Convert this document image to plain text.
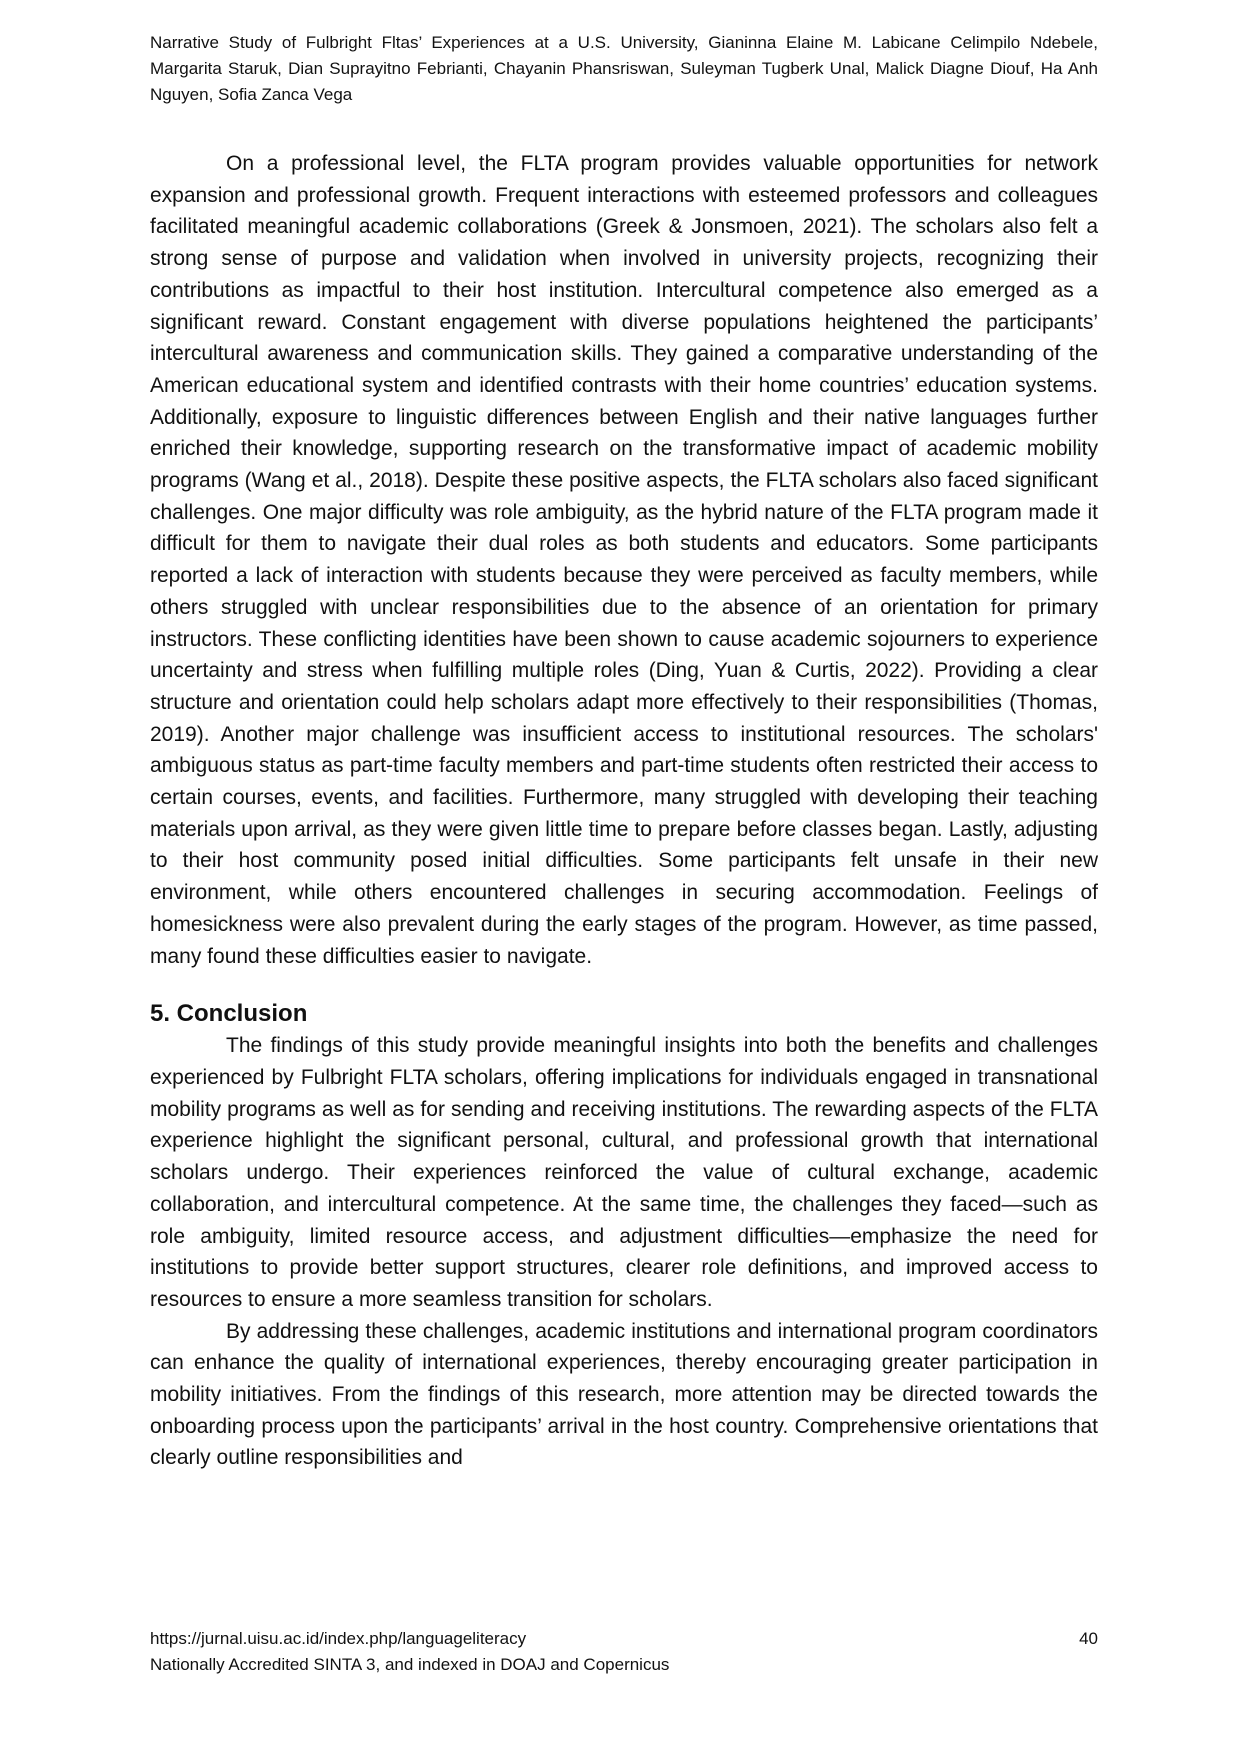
Narrative Study of Fulbright Fltas’ Experiences at a U.S. University, Gianinna Elaine M. Labicane Celimpilo Ndebele, Margarita Staruk, Dian Suprayitno Febrianti, Chayanin Phansriswan, Suleyman Tugberk Unal, Malick Diagne Diouf, Ha Anh Nguyen, Sofia Zanca Vega

On a professional level, the FLTA program provides valuable opportunities for network expansion and professional growth. Frequent interactions with esteemed professors and colleagues facilitated meaningful academic collaborations (Greek & Jonsmoen, 2021). The scholars also felt a strong sense of purpose and validation when involved in university projects, recognizing their contributions as impactful to their host institution. Intercultural competence also emerged as a significant reward. Constant engagement with diverse populations heightened the participants’ intercultural awareness and communication skills. They gained a comparative understanding of the American educational system and identified contrasts with their home countries’ education systems. Additionally, exposure to linguistic differences between English and their native languages further enriched their knowledge, supporting research on the transformative impact of academic mobility programs (Wang et al., 2018). Despite these positive aspects, the FLTA scholars also faced significant challenges. One major difficulty was role ambiguity, as the hybrid nature of the FLTA program made it difficult for them to navigate their dual roles as both students and educators. Some participants reported a lack of interaction with students because they were perceived as faculty members, while others struggled with unclear responsibilities due to the absence of an orientation for primary instructors. These conflicting identities have been shown to cause academic sojourners to experience uncertainty and stress when fulfilling multiple roles (Ding, Yuan & Curtis, 2022). Providing a clear structure and orientation could help scholars adapt more effectively to their responsibilities (Thomas, 2019). Another major challenge was insufficient access to institutional resources. The scholars' ambiguous status as part-time faculty members and part-time students often restricted their access to certain courses, events, and facilities. Furthermore, many struggled with developing their teaching materials upon arrival, as they were given little time to prepare before classes began. Lastly, adjusting to their host community posed initial difficulties. Some participants felt unsafe in their new environment, while others encountered challenges in securing accommodation. Feelings of homesickness were also prevalent during the early stages of the program. However, as time passed, many found these difficulties easier to navigate.

5. Conclusion

The findings of this study provide meaningful insights into both the benefits and challenges experienced by Fulbright FLTA scholars, offering implications for individuals engaged in transnational mobility programs as well as for sending and receiving institutions. The rewarding aspects of the FLTA experience highlight the significant personal, cultural, and professional growth that international scholars undergo. Their experiences reinforced the value of cultural exchange, academic collaboration, and intercultural competence. At the same time, the challenges they faced—such as role ambiguity, limited resource access, and adjustment difficulties—emphasize the need for institutions to provide better support structures, clearer role definitions, and improved access to resources to ensure a more seamless transition for scholars.

By addressing these challenges, academic institutions and international program coordinators can enhance the quality of international experiences, thereby encouraging greater participation in mobility initiatives. From the findings of this research, more attention may be directed towards the onboarding process upon the participants’ arrival in the host country. Comprehensive orientations that clearly outline responsibilities and

https://jurnal.uisu.ac.id/index.php/languageliteracy	40
Nationally Accredited SINTA 3, and indexed in DOAJ and Copernicus
